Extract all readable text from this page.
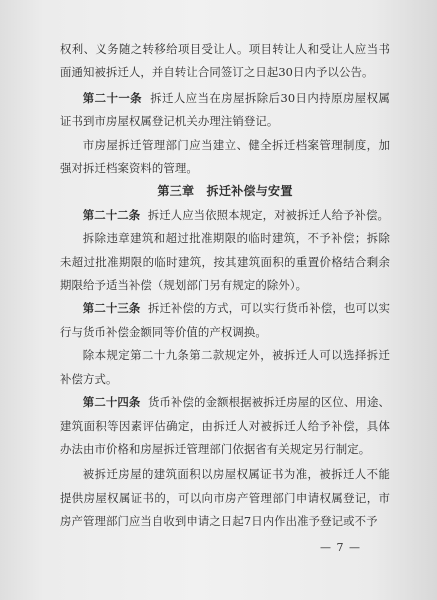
权利、义务随之转移给项目受让人。项目转让人和受让人应当书面通知被拆迁人，并自转让合同签订之日起30日内予以公告。

第二十一条 拆迁人应当在房屋拆除后30日内持原房屋权属证书到市房屋权属登记机关办理注销登记。

市房屋拆迁管理部门应当建立、健全拆迁档案管理制度，加强对拆迁档案资料的管理。

第三章　拆迁补偿与安置

第二十二条 拆迁人应当依照本规定，对被拆迁人给予补偿。

拆除违章建筑和超过批准期限的临时建筑，不予补偿；拆除未超过批准期限的临时建筑，按其建筑面积的重置价格结合剩余期限给予适当补偿（规划部门另有规定的除外）。

第二十三条 拆迁补偿的方式，可以实行货币补偿，也可以实行与货币补偿金额同等价值的产权调换。

除本规定第二十九条第二款规定外，被拆迁人可以选择拆迁补偿方式。

第二十四条 货币补偿的金额根据被拆迁房屋的区位、用途、建筑面积等因素评估确定，由拆迁人对被拆迁人给予补偿，具体办法由市价格和房屋拆迁管理部门依据省有关规定另行制定。

被拆迁房屋的建筑面积以房屋权属证书为准，被拆迁人不能提供房屋权属证书的，可以向市房产管理部门申请权属登记，市房产管理部门应当自收到申请之日起7日内作出准予登记或不予

— 7 —
